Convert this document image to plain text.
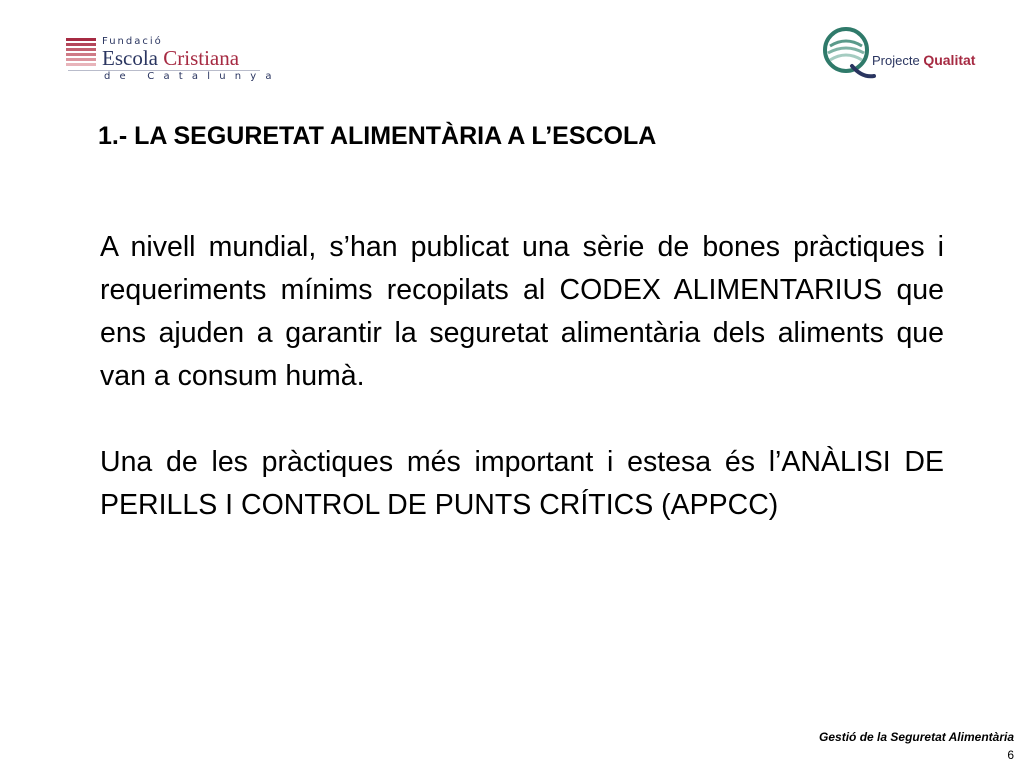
Fundació
Escola Cristiana
de Catalunya
Projecte Qualitat
1.- LA SEGURETAT ALIMENTÀRIA A L’ESCOLA

A nivell mundial, s’han publicat una sèrie de bones pràctiques i requeriments mínims recopilats al CODEX ALIMENTARIUS que ens ajuden a garantir la seguretat alimentària dels aliments que van a consum humà.

Una de les pràctiques més important i estesa és l’ANÀLISI DE PERILLS I CONTROL DE PUNTS CRÍTICS (APPCC)

Gestió de la Seguretat Alimentària
6
